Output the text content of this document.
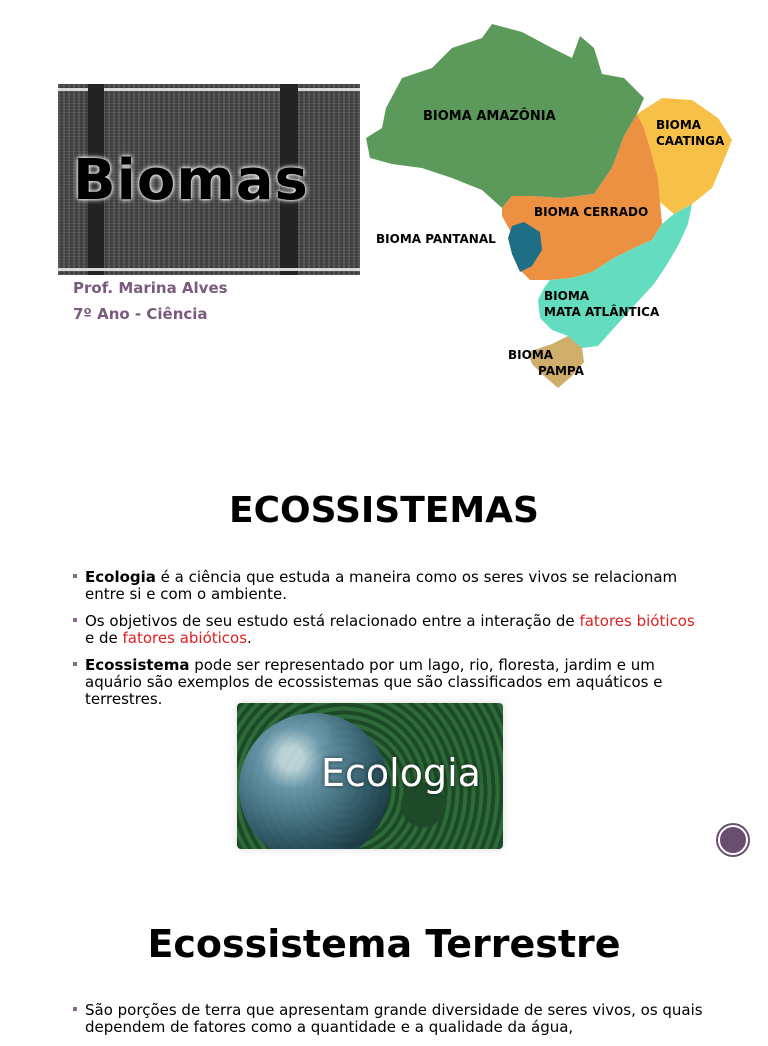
Biomas
Prof. Marina Alves
7º Ano - Ciência
BIOMA AMAZÔNIA
BIOMA
CAATINGA
BIOMA CERRADO
BIOMA PANTANAL
BIOMA
MATA ATLÂNTICA
BIOMA
PAMPA
ECOSSISTEMAS
Ecologia é a ciência que estuda a maneira como os seres vivos se relacionam entre si e com o ambiente.
Os objetivos de seu estudo está relacionado entre a interação de fatores bióticos e de fatores abióticos.
Ecossistema pode ser representado por um lago, rio, floresta, jardim e um aquário são exemplos de ecossistemas que são classificados em aquáticos e terrestres.
Ecologia
Ecossistema Terrestre
São porções de terra que apresentam grande diversidade de seres vivos, os quais dependem de fatores como a quantidade e a qualidade da água,
